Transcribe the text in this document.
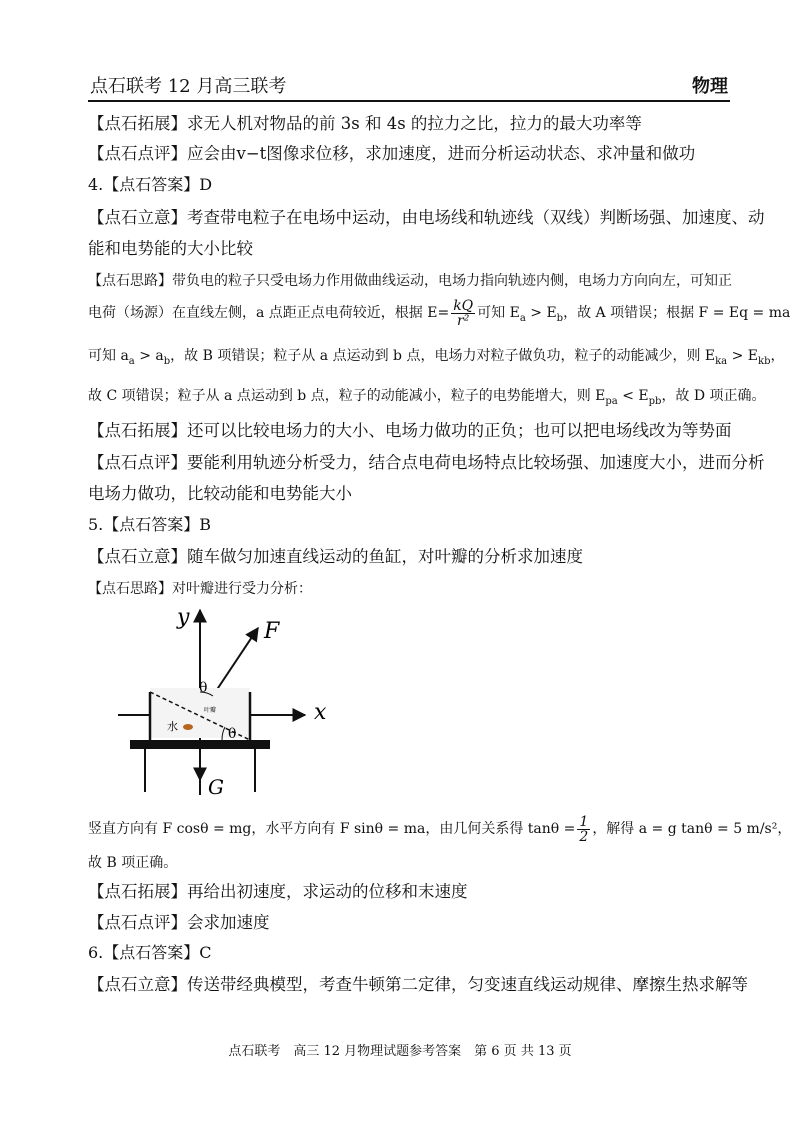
点石联考 12 月高三联考	物理
【点石拓展】求无人机对物品的前 3s 和 4s 的拉力之比，拉力的最大功率等
【点石点评】应会由v−t图像求位移，求加速度，进而分析运动状态、求冲量和做功
4.【点石答案】D
【点石立意】考查带电粒子在电场中运动，由电场线和轨迹线（双线）判断场强、加速度、动
能和电势能的大小比较
【点石思路】带负电的粒子只受电场力作用做曲线运动，电场力指向轨迹内侧，电场力方向向左，可知正
电荷（场源）在直线左侧，a 点距正点电荷较近，根据 $E= \frac{kQ}{\text{r²}}$ 可知 $E_a > E_b$，故 A 项错误；根据 F = Eq = ma
可知 $a_a > a_b$，故 B 项错误；粒子从 a 点运动到 b 点，电场力对粒子做负功，粒子的动能减少，则 $E_{ka} > E_{kb}$，
故 C 项错误；粒子从 a 点运动到 b 点，粒子的动能减小，粒子的电势能增大，则 $E_{pa} < E_{pb}$，故 D 项正确。
【点石拓展】还可以比较电场力的大小、电场力做功的正负；也可以把电场线改为等势面
【点石点评】要能利用轨迹分析受力，结合点电荷电场特点比较场强、加速度大小，进而分析
电场力做功，比较动能和电势能大小
5.【点石答案】B
【点石立意】随车做匀加速直线运动的鱼缸，对叶瓣的分析求加速度
【点石思路】对叶瓣进行受力分析：
y
x
F
G
θ
θ
水
叶瓣
竖直方向有 F cosθ = mg，水平方向有 F sinθ = ma，由几何关系得 $\tan\theta = \frac{1}{2}$ ，解得 a = g tanθ = 5 m/s²，
故 B 项正确。
【点石拓展】再给出初速度，求运动的位移和末速度
【点石点评】会求加速度
6.【点石答案】C
【点石立意】传送带经典模型，考查牛顿第二定律，匀变速直线运动规律、摩擦生热求解等
点石联考　高三 12 月物理试题参考答案　第 6 页 共 13 页
